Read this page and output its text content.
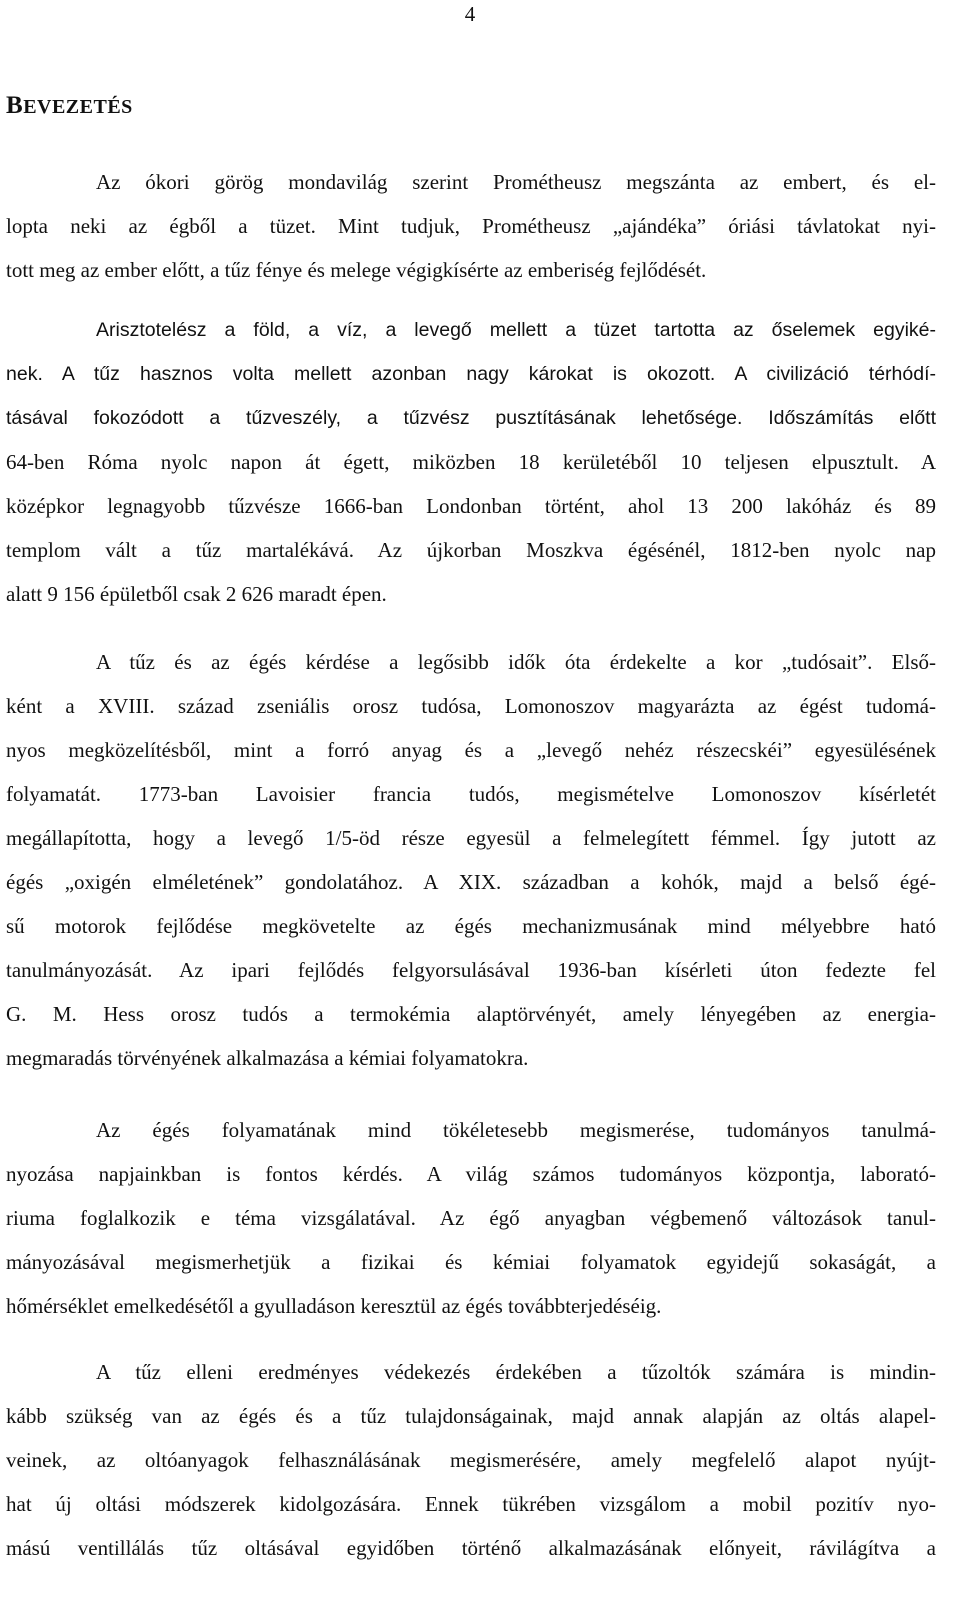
4
BEVEZETÉS
Az ókori görög mondavilág szerint Prométheusz megszánta az embert, és el-
lopta neki az égből a tüzet. Mint tudjuk, Prométheusz „ajándéka” óriási távlatokat nyi-
tott meg az ember előtt, a tűz fénye és melege végigkísérte az emberiség fejlődését.
Arisztotelész a föld, a víz, a levegő mellett a tüzet tartotta az őselemek egyiké-
nek. A tűz hasznos volta mellett azonban nagy károkat is okozott. A civilizáció térhódí-
tásával fokozódott a tűzveszély, a tűzvész pusztításának lehetősége. Időszámítás előtt
64-ben Róma nyolc napon át égett, miközben 18 kerületéből 10 teljesen elpusztult. A
középkor legnagyobb tűzvésze 1666-ban Londonban történt, ahol 13 200 lakóház és 89
templom vált a tűz martalékává. Az újkorban Moszkva égésénél, 1812-ben nyolc nap
alatt 9 156 épületből csak 2 626 maradt épen.
A tűz és az égés kérdése a legősibb idők óta érdekelte a kor „tudósait”. Első-
ként a XVIII. század zseniális orosz tudósa, Lomonoszov magyarázta az égést tudomá-
nyos megközelítésből, mint a forró anyag és a „levegő nehéz részecskéi” egyesülésének
folyamatát. 1773-ban Lavoisier francia tudós, megismételve Lomonoszov kísérletét
megállapította, hogy a levegő 1/5-öd része egyesül a felmelegített fémmel. Így jutott az
égés „oxigén elméletének” gondolatához. A XIX. században a kohók, majd a belső égé-
sű motorok fejlődése megkövetelte az égés mechanizmusának mind mélyebbre ható
tanulmányozását. Az ipari fejlődés felgyorsulásával 1936-ban kísérleti úton fedezte fel
G. M. Hess orosz tudós a termokémia alaptörvényét, amely lényegében az energia-
megmaradás törvényének alkalmazása a kémiai folyamatokra.
Az égés folyamatának mind tökéletesebb megismerése, tudományos tanulmá-
nyozása napjainkban is fontos kérdés. A világ számos tudományos központja, laborató-
riuma foglalkozik e téma vizsgálatával. Az égő anyagban végbemenő változások tanul-
mányozásával megismerhetjük a fizikai és kémiai folyamatok egyidejű sokaságát, a
hőmérséklet emelkedésétől a gyulladáson keresztül az égés továbbterjedéséig.
A tűz elleni eredményes védekezés érdekében a tűzoltók számára is mindin-
kább szükség van az égés és a tűz tulajdonságainak, majd annak alapján az oltás alapel-
veinek, az oltóanyagok felhasználásának megismerésére, amely megfelelő alapot nyújt-
hat új oltási módszerek kidolgozására. Ennek tükrében vizsgálom a mobil pozitív nyo-
mású ventillálás tűz oltásával egyidőben történő alkalmazásának előnyeit, rávilágítva a
